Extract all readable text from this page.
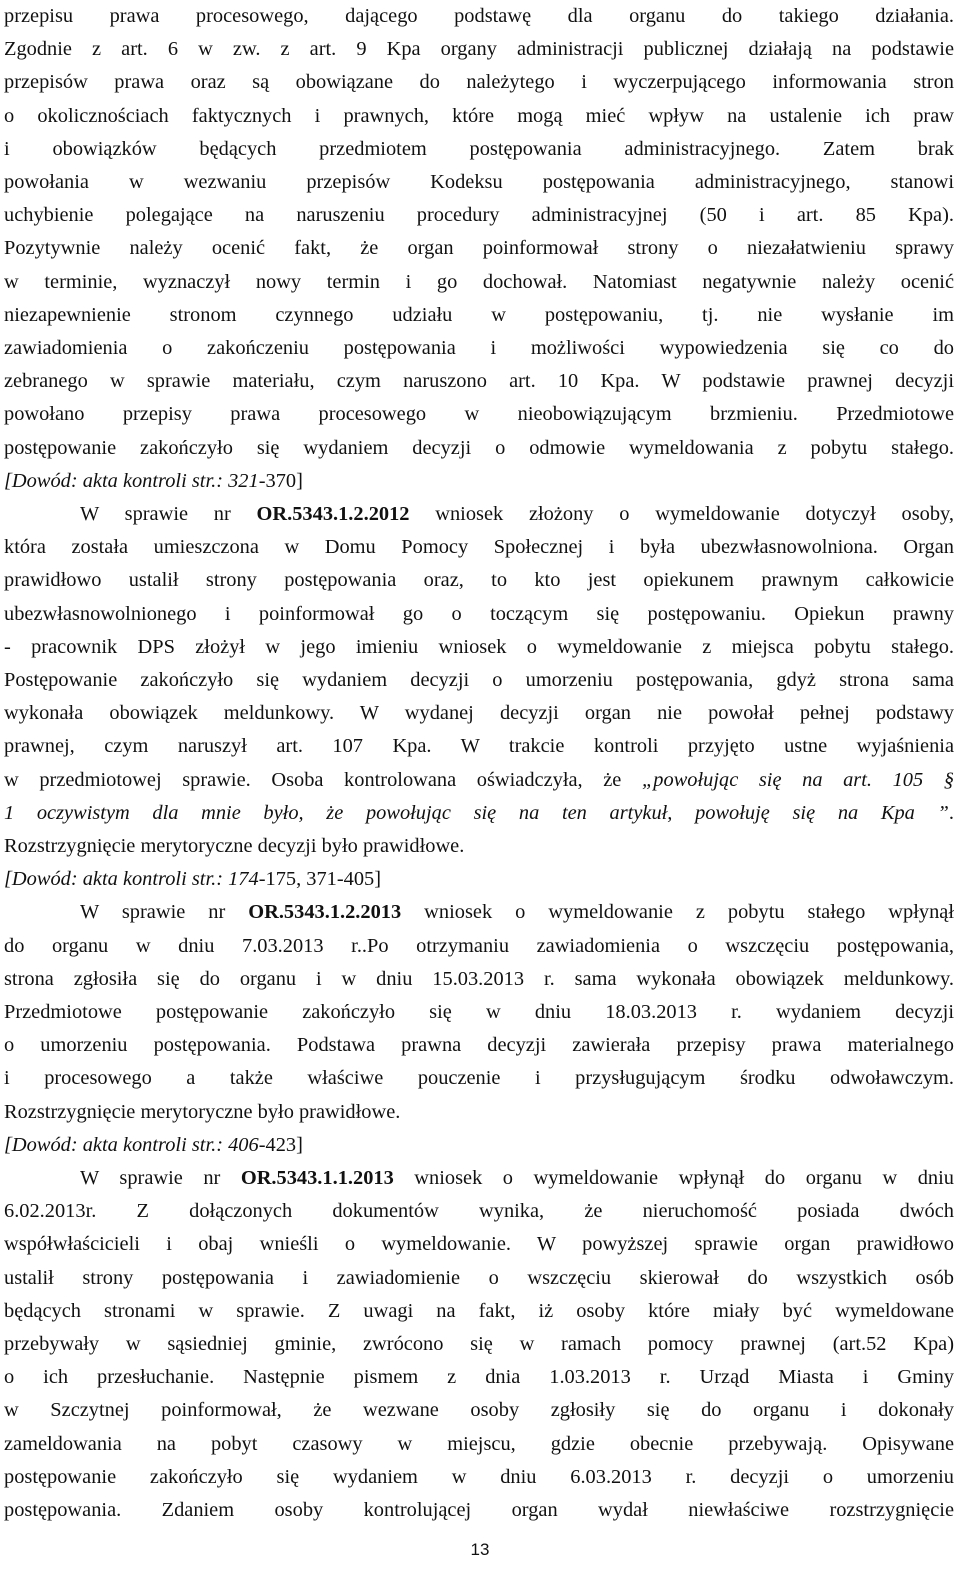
przepisu prawa procesowego, dającego podstawę dla organu do takiego działania.
Zgodnie z art. 6 w zw. z art. 9 Kpa organy administracji publicznej działają na podstawie
przepisów prawa oraz są obowiązane do należytego i wyczerpującego informowania stron
o okolicznościach faktycznych i prawnych, które mogą mieć wpływ na ustalenie ich praw
i obowiązków będących przedmiotem postępowania administracyjnego. Zatem brak
powołania w wezwaniu przepisów Kodeksu postępowania administracyjnego, stanowi
uchybienie polegające na naruszeniu procedury administracyjnej (50 i art. 85 Kpa).
Pozytywnie należy ocenić fakt, że organ poinformował strony o niezałatwieniu sprawy
w terminie, wyznaczył nowy termin i go dochował. Natomiast negatywnie należy ocenić
niezapewnienie stronom czynnego udziału w postępowaniu, tj. nie wysłanie im
zawiadomienia o zakończeniu postępowania i możliwości wypowiedzenia się co do
zebranego w sprawie materiału, czym naruszono art. 10 Kpa. W podstawie prawnej decyzji
powołano przepisy prawa procesowego w nieobowiązującym brzmieniu. Przedmiotowe
postępowanie zakończyło się wydaniem decyzji o odmowie wymeldowania z pobytu stałego.
[Dowód: akta kontroli str.: 321-370]
W sprawie nr OR.5343.1.2.2012 wniosek złożony o wymeldowanie dotyczył osoby,
która została umieszczona w Domu Pomocy Społecznej i była ubezwłasnowolniona. Organ
prawidłowo ustalił strony postępowania oraz, to kto jest opiekunem prawnym całkowicie
ubezwłasnowolnionego i poinformował go o toczącym się postępowaniu. Opiekun prawny
- pracownik DPS złożył w jego imieniu wniosek o wymeldowanie z miejsca pobytu stałego.
Postępowanie zakończyło się wydaniem decyzji o umorzeniu postępowania, gdyż strona sama
wykonała obowiązek meldunkowy. W wydanej decyzji organ nie powołał pełnej podstawy
prawnej, czym naruszył art. 107 Kpa. W trakcie kontroli przyjęto ustne wyjaśnienia
w przedmiotowej sprawie. Osoba kontrolowana oświadczyła, że „powołując się na art. 105 §
1 oczywistym dla mnie było, że powołując się na ten artykuł, powołuję się na Kpa ”.
Rozstrzygnięcie merytoryczne decyzji było prawidłowe.
[Dowód: akta kontroli str.: 174-175, 371-405]
W sprawie nr OR.5343.1.2.2013 wniosek o wymeldowanie z pobytu stałego wpłynął
do organu w dniu 7.03.2013 r..Po otrzymaniu zawiadomienia o wszczęciu postępowania,
strona zgłosiła się do organu i w dniu 15.03.2013 r. sama wykonała obowiązek meldunkowy.
Przedmiotowe postępowanie zakończyło się w dniu 18.03.2013 r. wydaniem decyzji
o umorzeniu postępowania. Podstawa prawna decyzji zawierała przepisy prawa materialnego
i procesowego a także właściwe pouczenie i przysługującym środku odwoławczym.
Rozstrzygnięcie merytoryczne było prawidłowe.
[Dowód: akta kontroli str.: 406-423]
W sprawie nr OR.5343.1.1.2013 wniosek o wymeldowanie wpłynął do organu w dniu
6.02.2013r. Z dołączonych dokumentów wynika, że nieruchomość posiada dwóch
współwłaścicieli i obaj wnieśli o wymeldowanie. W powyższej sprawie organ prawidłowo
ustalił strony postępowania i zawiadomienie o wszczęciu skierował do wszystkich osób
będących stronami w sprawie. Z uwagi na fakt, iż osoby które miały być wymeldowane
przebywały w sąsiedniej gminie, zwrócono się w ramach pomocy prawnej (art.52 Kpa)
o ich przesłuchanie. Następnie pismem z dnia 1.03.2013 r. Urząd Miasta i Gminy
w Szczytnej poinformował, że wezwane osoby zgłosiły się do organu i dokonały
zameldowania na pobyt czasowy w miejscu, gdzie obecnie przebywają. Opisywane
postępowanie zakończyło się wydaniem w dniu 6.03.2013 r. decyzji o umorzeniu
postępowania. Zdaniem osoby kontrolującej organ wydał niewłaściwe rozstrzygnięcie
13
